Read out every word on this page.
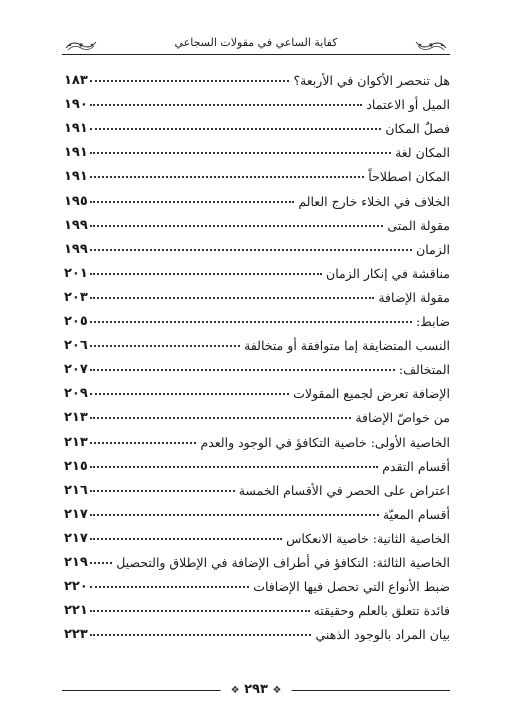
كفاية الساعي في مقولات السجاعي
هل تنحصر الأكوان في الأربعة؟
١٨٣
الميل أو الاعتماد
١٩٠
فصلٌ المكان
١٩١
المكان لغة
١٩١
المكان اصطلاحاً
١٩١
الخلاف في الخلاء خارج العالم
١٩٥
مقولة المتى
١٩٩
الزمان
١٩٩
مناقشة في إنكار الزمان
٢٠١
مقولة الإضافة
٢٠٣
ضابط:
٢٠٥
النسب المتضايفة إما متوافقة أو متخالفة
٢٠٦
المتخالف:
٢٠٧
الإضافة تعرض لجميع المقولات
٢٠٩
من خواصّ الإضافة
٢١٣
الخاصية الأولى: خاصية التكافؤ في الوجود والعدم
٢١٣
أقسام التقدم
٢١٥
اعتراض على الحصر في الأقسام الخمسة
٢١٦
أقسام المعيّة
٢١٧
الخاصية الثانية: خاصية الانعكاس
٢١٧
الخاصية الثالثة: التكافؤ في أطراف الإضافة في الإطلاق والتحصيل
٢١٩
ضبط الأنواع التي تحصل فيها الإضافات
٢٢٠
فائدة تتعلق بالعلم وحقيقته
٢٢١
بيان المراد بالوجود الذهني
٢٢٣
❖ ٢٩٣ ❖
